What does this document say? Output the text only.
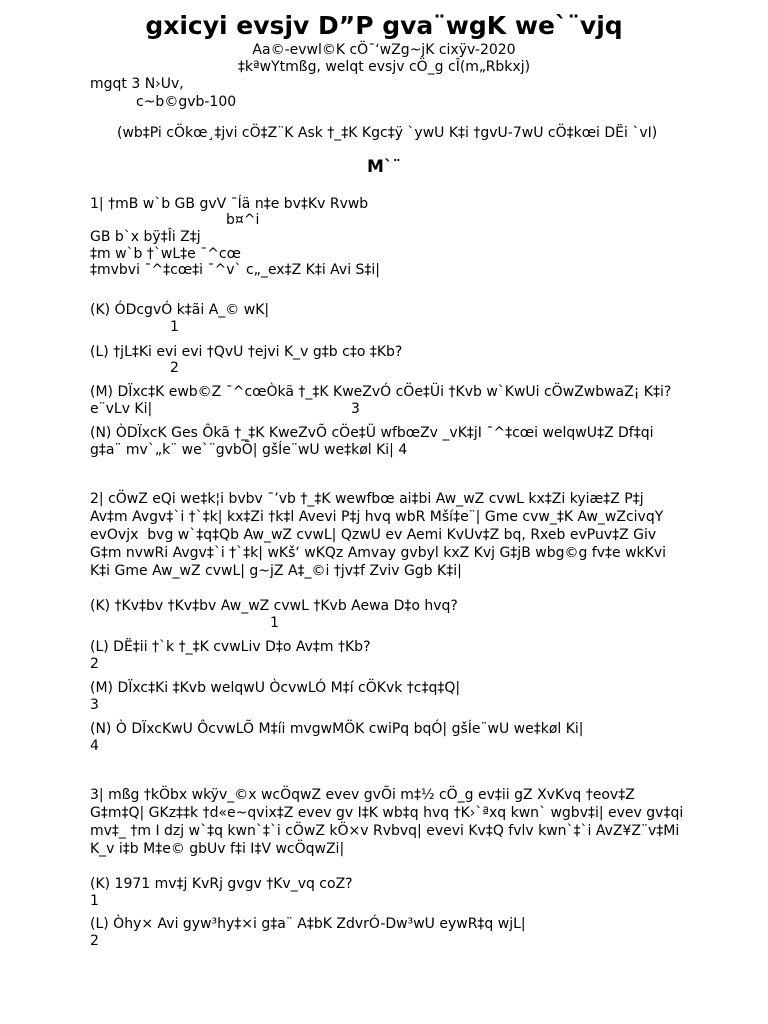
gxicyi evsjv D”P gva¨wgK we`¨vjq
Aa©-evwl©K cÖ¯‘wZg~jK cixÿv-2020
‡kªwYtmßg, welqt evsjv cÖ_g cÎ(m„Rbkxj)
mgqt 3 N›Uv,
c~b©gvb-100
(wb‡Pi cÖkœ¸‡jvi cÖ‡Z¨K Ask †_‡K Kgc‡ÿ `ywU K‡i †gvU-7wU cÖ‡kœi DËi `vI)
M`¨
1| †mB w`b GB gvV ¯Íä n‡e bv‡Kv Rvwb
b¤^i
GB b`x bÿ‡Îi Z‡j
‡m w`b †`wL‡e ¯^cœ
‡mvbvi ¯^‡cœ‡i ¯^v` c„_ex‡Z K‡i Avi S‡i|
(K) ÓDcgvÓ k‡ãi A_© wK|
1
(L) †jL‡Ki evi evi †QvU †ejvi K_v g‡b c‡o ‡Kb?
2
(M) DÏxc‡K ewb©Z ¯^cœÒkã †_‡K KweZvÓ cÖe‡Üi †Kvb w`KwUi cÖwZwbwaZ¡ K‡i?
e¨vLv Ki|	3
(N) ÒDÏxcK Ges Ôkã †_‡K KweZvÕ cÖe‡Ü wfbœZv _vK‡jI ¯^‡cœi welqwU‡Z Df‡qi
g‡a¨ mv`„k¨ we`¨gvbÕ| gšÍe¨wU we‡køl Ki| 4
2| cÖwZ eQi we‡k¦i bvbv ¯’vb †_‡K wewfbœ ai‡bi Aw_wZ cvwL kx‡Zi kyiæ‡Z P‡j
Av‡m Avgv‡`i †`‡k| kx‡Zi †k‡l Avevi P‡j hvq wbR Mší‡e¨| Gme cvw_‡K Aw_wZcivqY
evOvjx  bvg w`‡q‡Qb Aw_wZ cvwL| QzwU ev Aemi KvUv‡Z bq, Rxeb evPuv‡Z Giv
G‡m nvwRi Avgv‡`i †`‡k| wKš‘ wKQz Amvay gvbyl kxZ Kvj G‡jB wbg©g fv‡e wkKvi
K‡i Gme Aw_wZ cvwL| g~jZ A‡_©i †jv‡f Zviv Ggb K‡i|
(K) †Kv‡bv †Kv‡bv Aw_wZ cvwL †Kvb Aewa D‡o hvq?
1
(L) DË‡ii †`k †_‡K cvwLiv D‡o Av‡m †Kb?
2
(M) DÏxc‡Ki ‡Kvb welqwU ÒcvwLÓ M‡í cÖKvk †c‡q‡Q|
3
(N) Ò DÏxcKwU ÔcvwLÕ M‡íi mvgwMÖK cwiPq bqÓ| gšÍe¨wU we‡køl Ki|
4
3| mßg †kÖbx wkÿv_©x wcÖqwZ evev gvÕi m‡½ cÖ_g ev‡ii gZ XvKvq †eov‡Z
G‡m‡Q| GKz‡‡k †d«e~qvix‡Z evev gv I‡K wb‡q hvq †K›`ªxq kwn` wgbv‡i| evev gv‡qi
mv‡_ †m I dzj w`‡q kwn`‡`i cÖwZ kÖ×v Rvbvq| evevi Kv‡Q fvlv kwn`‡`i AvZ¥Z¨v‡Mi
K_v i‡b M‡e© gbUv f‡i I‡V wcÖqwZi|
(K) 1971 mv‡j KvRj gvgv †Kv_vq coZ?
1
(L) Òhy× Avi gyw³hy‡×i g‡a¨ A‡bK ZdvrÓ-Dw³wU eywR‡q wjL|
2
